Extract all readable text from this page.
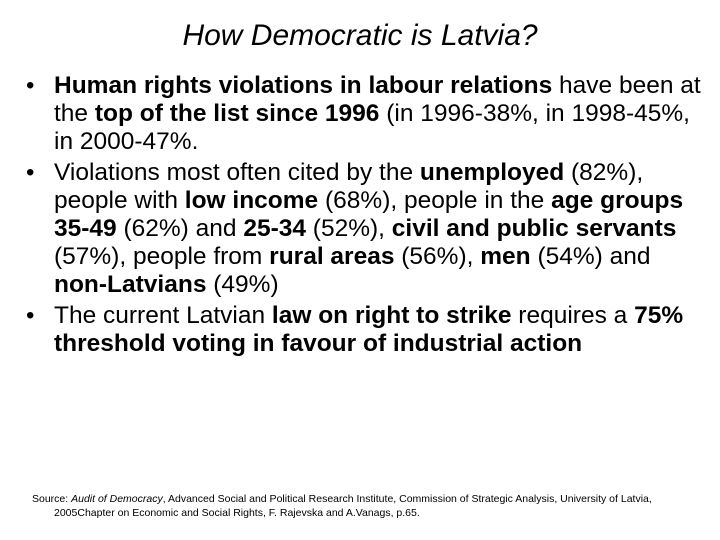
How Democratic is Latvia?
• Human rights violations in labour relations have been at the top of the list since 1996 (in 1996-38%, in 1998-45%, in 2000-47%.
• Violations most often cited by the unemployed (82%), people with low income (68%), people in the age groups 35-49 (62%) and 25-34 (52%), civil and public servants (57%), people from rural areas (56%), men (54%) and non-Latvians (49%)
• The current Latvian law on right to strike requires a 75% threshold voting in favour of industrial action
Source: Audit of Democracy, Advanced Social and Political Research Institute, Commission of Strategic Analysis, University of Latvia, 2005Chapter on Economic and Social Rights, F. Rajevska and A.Vanags, p.65.
